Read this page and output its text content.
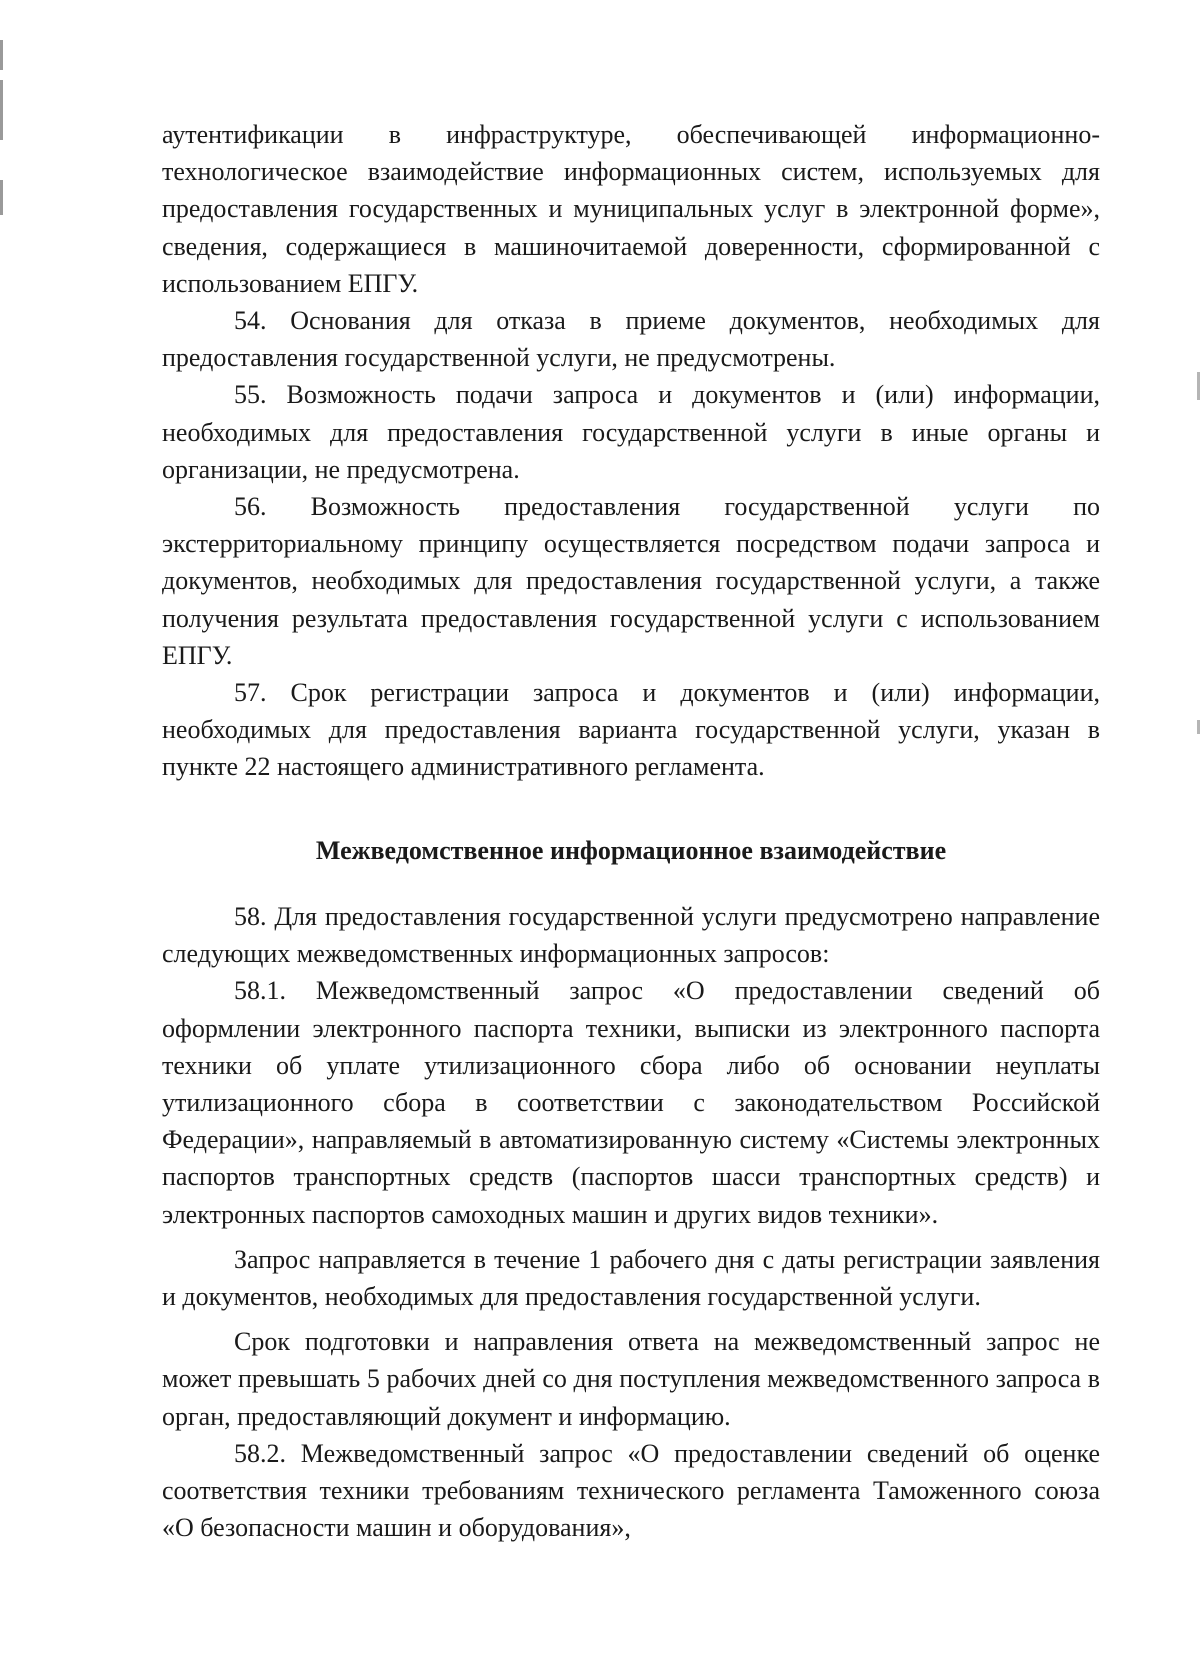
аутентификации в инфраструктуре, обеспечивающей информационно-технологическое взаимодействие информационных систем, используемых для предоставления государственных и муниципальных услуг в электронной форме», сведения, содержащиеся в машиночитаемой доверенности, сформированной с использованием ЕПГУ.

54. Основания для отказа в приеме документов, необходимых для предоставления государственной услуги, не предусмотрены.

55. Возможность подачи запроса и документов и (или) информации, необходимых для предоставления государственной услуги в иные органы и организации, не предусмотрена.

56. Возможность предоставления государственной услуги по экстерриториальному принципу осуществляется посредством подачи запроса и документов, необходимых для предоставления государственной услуги, а также получения результата предоставления государственной услуги с использованием ЕПГУ.

57. Срок регистрации запроса и документов и (или) информации, необходимых для предоставления варианта государственной услуги, указан в пункте 22 настоящего административного регламента.

Межведомственное информационное взаимодействие

58. Для предоставления государственной услуги предусмотрено направление следующих межведомственных информационных запросов:

58.1. Межведомственный запрос «О предоставлении сведений об оформлении электронного паспорта техники, выписки из электронного паспорта техники об уплате утилизационного сбора либо об основании неуплаты утилизационного сбора в соответствии с законодательством Российской Федерации», направляемый в автоматизированную систему «Системы электронных паспортов транспортных средств (паспортов шасси транспортных средств) и электронных паспортов самоходных машин и других видов техники».

Запрос направляется в течение 1 рабочего дня с даты регистрации заявления и документов, необходимых для предоставления государственной услуги.

Срок подготовки и направления ответа на межведомственный запрос не может превышать 5 рабочих дней со дня поступления межведомственного запроса в орган, предоставляющий документ и информацию.

58.2. Межведомственный запрос «О предоставлении сведений об оценке соответствия техники требованиям технического регламента Таможенного союза «О безопасности машин и оборудования»,
